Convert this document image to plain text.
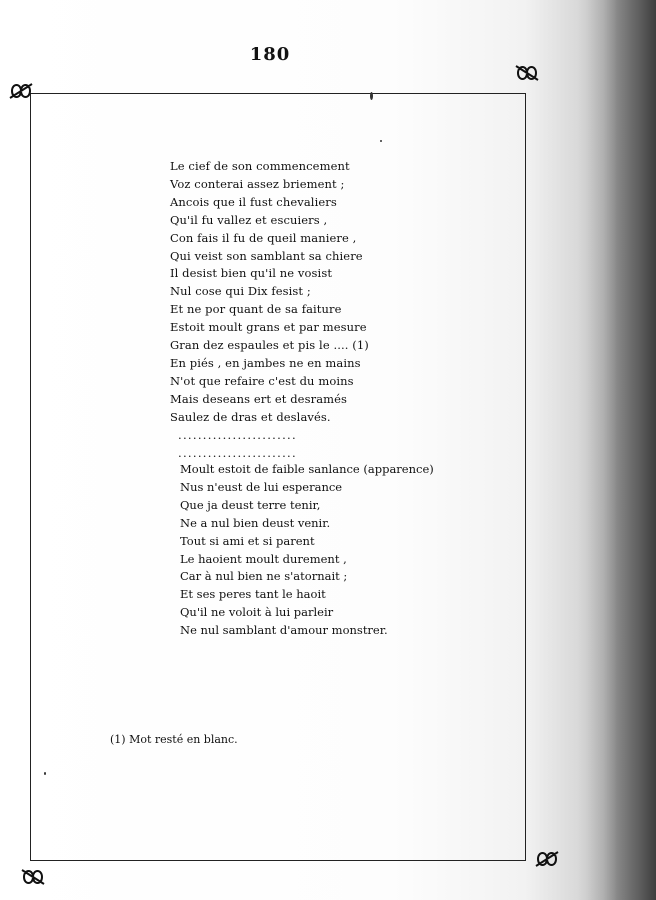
180
Le cief de son commencement
Voz conterai assez briement ;
Ancois que il fust chevaliers
Qu'il fu vallez et escuiers ,
Con fais il fu de queil maniere ,
Qui veist son samblant sa chiere
Il desist bien qu'il ne vosist
Nul cose qui Dix fesist ;
Et ne por quant de sa faiture
Estoit moult grans et par mesure
Gran dez espaules et pis le .... (1)
En piés , en jambes ne en mains
N'ot que refaire c'est du moins
Mais deseans ert et desramés
Saulez de dras et deslavés.
........................
........................
Moult estoit de faible sanlance (apparence)
Nus n'eust de lui esperance
Que ja deust terre tenir,
Ne a nul bien deust venir.
Tout si ami et si parent
Le haoient moult durement ,
Car à nul bien ne s'atornait ;
Et ses peres tant le haoit
Qu'il ne voloit à lui parleir
Ne nul samblant d'amour monstrer.
(1) Mot resté en blanc.
